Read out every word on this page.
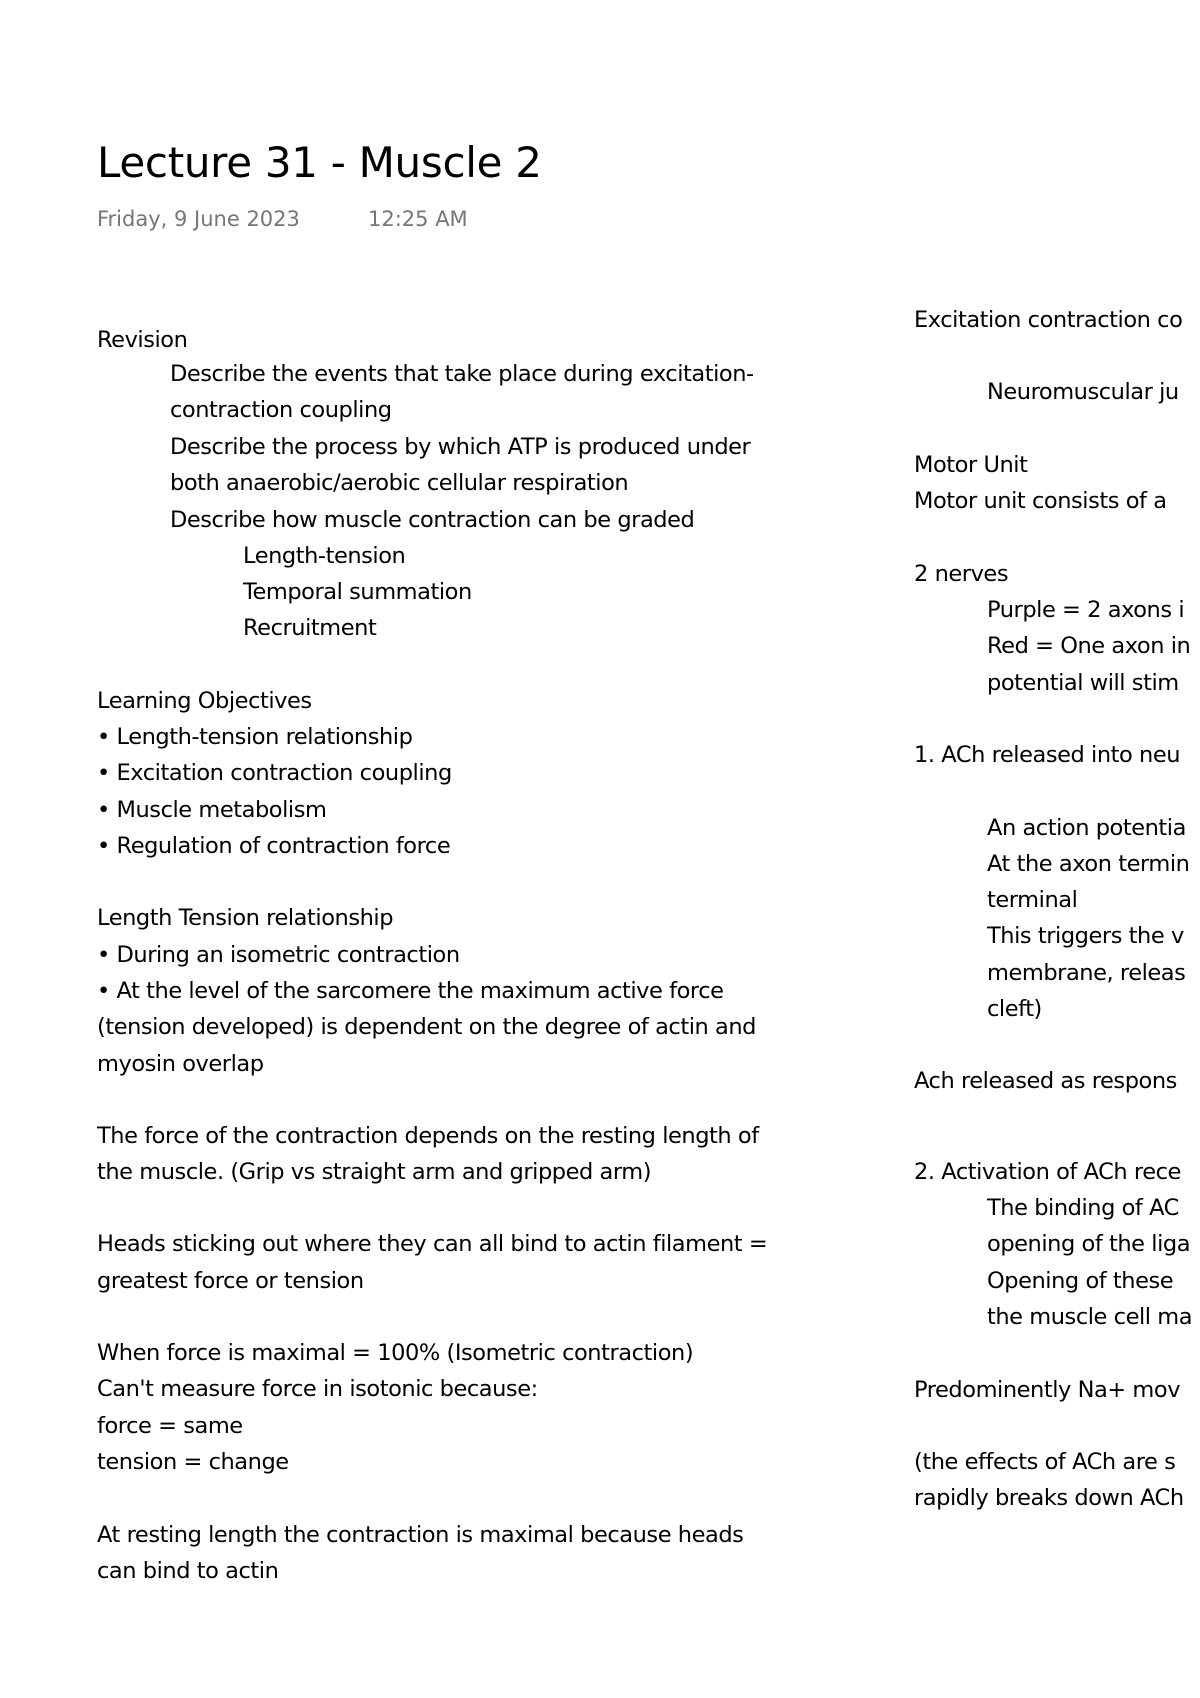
Lecture 31 - Muscle 2
Friday, 9 June 2023	12:25 AM
Revision
Describe the events that take place during excitation-
contraction coupling
Describe the process by which ATP is produced under
both anaerobic/aerobic cellular respiration
Describe how muscle contraction can be graded
Length-tension
Temporal summation
Recruitment
Learning Objectives
• Length-tension relationship
• Excitation contraction coupling
• Muscle metabolism
• Regulation of contraction force
Length Tension relationship
• During an isometric contraction
• At the level of the sarcomere the maximum active force
(tension developed) is dependent on the degree of actin and
myosin overlap
The force of the contraction depends on the resting length of
the muscle. (Grip vs straight arm and gripped arm)
Heads sticking out where they can all bind to actin filament =
greatest force or tension
When force is maximal = 100% (Isometric contraction)
Can't measure force in isotonic because:
force = same
tension = change
At resting length the contraction is maximal because heads
can bind to actin
Excitation contraction co
Neuromuscular ju
Motor Unit
Motor unit consists of a
2 nerves
Purple = 2 axons i
Red = One axon in
potential will stim
1. ACh released into neu
An action potentia
At the axon termin
terminal
This triggers the v
membrane, releas
cleft)
Ach released as respons
2. Activation of ACh rece
The binding of AC
opening of the liga
Opening of these
the muscle cell ma
Predominently Na+ mov
(the effects of ACh are s
rapidly breaks down ACh
